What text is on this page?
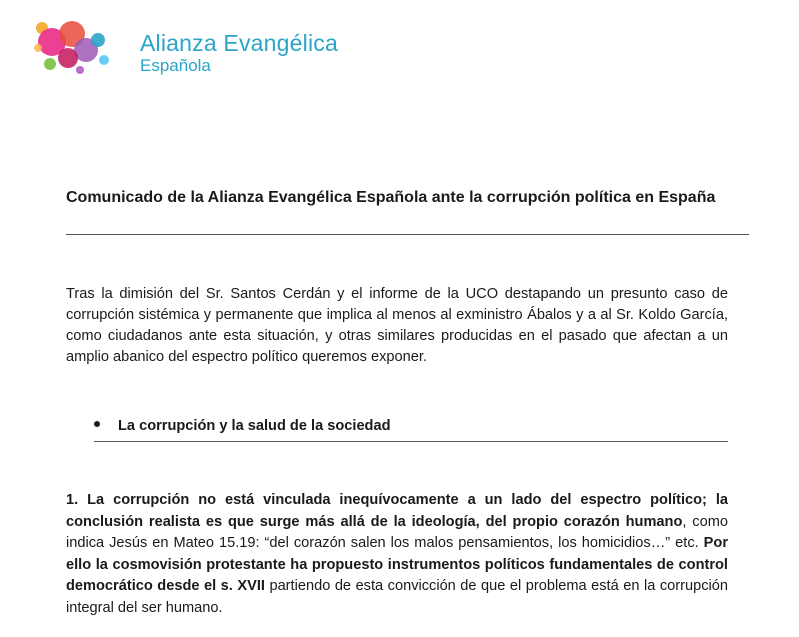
Alianza Evangélica
Española
Comunicado de la Alianza Evangélica Española ante la corrupción política en España
Tras la dimisión del Sr. Santos Cerdán y el informe de la UCO destapando un presunto caso de corrupción sistémica y permanente que implica al menos al exministro Ábalos y a al Sr. Koldo García, como ciudadanos ante esta situación, y otras similares producidas en el pasado que afectan a un amplio abanico del espectro político queremos exponer.
La corrupción y la salud de la sociedad
1. La corrupción no está vinculada inequívocamente a un lado del espectro político; la conclusión realista es que surge más allá de la ideología, del propio corazón humano, como indica Jesús en Mateo 15.19: “del corazón salen los malos pensamientos, los homicidios…” etc. Por ello la cosmovisión protestante ha propuesto instrumentos políticos fundamentales de control democrático desde el s. XVII partiendo de esta convicción de que el problema está en la corrupción integral del ser humano.
